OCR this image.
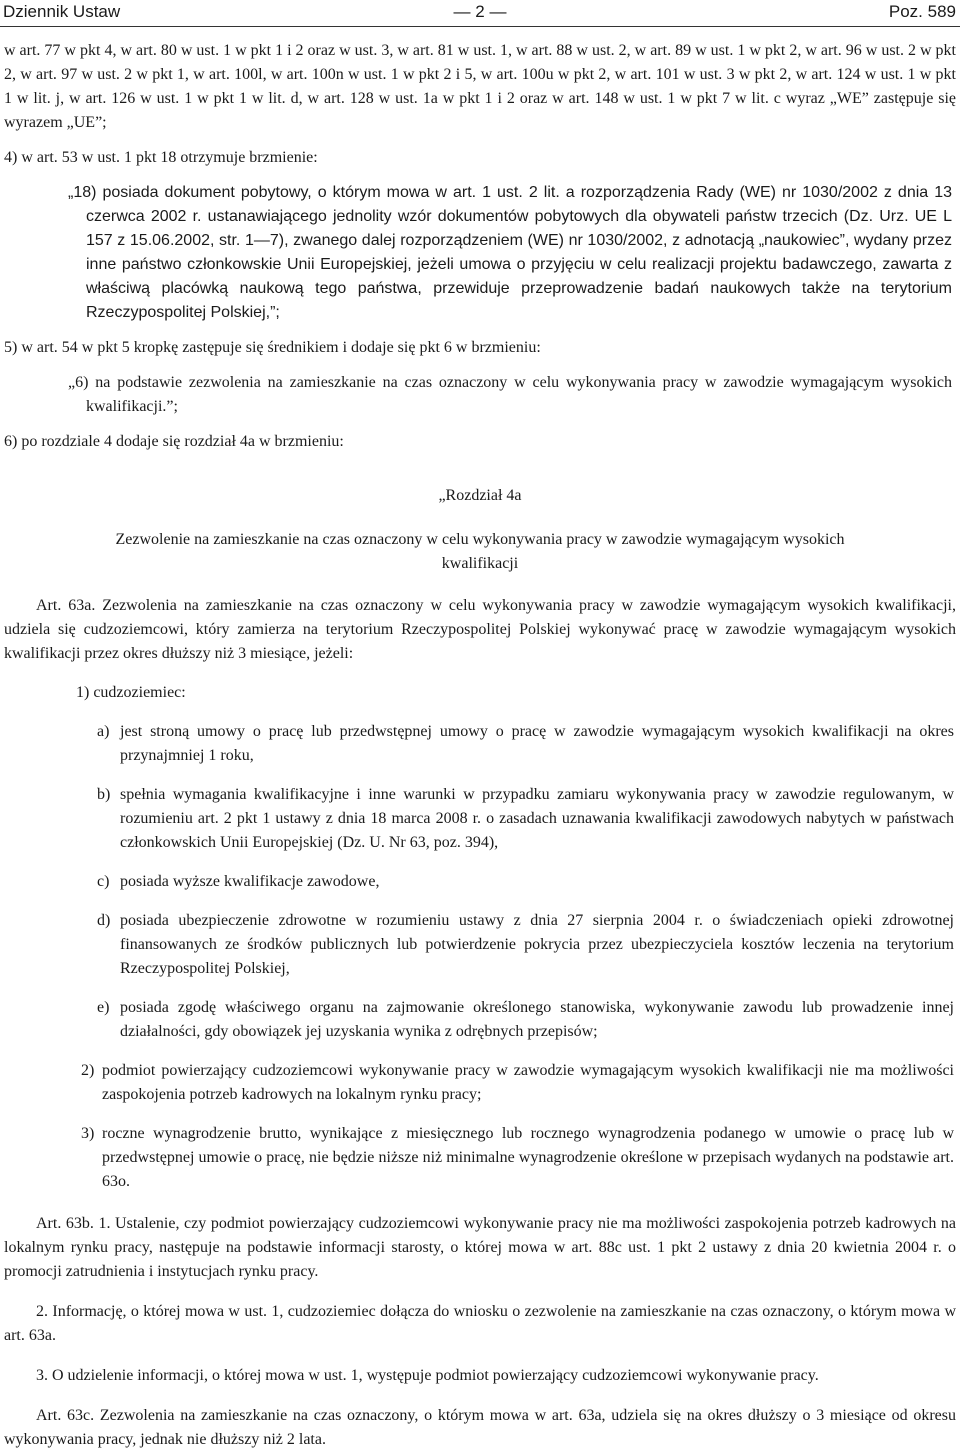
Dziennik Ustaw	— 2 —	Poz. 589

w art. 77 w pkt 4, w art. 80 w ust. 1 w pkt 1 i 2 oraz w ust. 3, w art. 81 w ust. 1, w art. 88 w ust. 2, w art. 89 w ust. 1 w pkt 2, w art. 96 w ust. 2 w pkt 2, w art. 97 w ust. 2 w pkt 1, w art. 100l, w art. 100n w ust. 1 w pkt 2 i 5, w art. 100u w pkt 2, w art. 101 w ust. 3 w pkt 2, w art. 124 w ust. 1 w pkt 1 w lit. j, w art. 126 w ust. 1 w pkt 1 w lit. d, w art. 128 w ust. 1a w pkt 1 i 2 oraz w art. 148 w ust. 1 w pkt 7 w lit. c wyraz „WE” zastępuje się wyrazem „UE”;

4) w art. 53 w ust. 1 pkt 18 otrzymuje brzmienie:

„18) posiada dokument pobytowy, o którym mowa w art. 1 ust. 2 lit. a rozporządzenia Rady (WE) nr 1030/2002 z dnia 13 czerwca 2002 r. ustanawiającego jednolity wzór dokumentów pobytowych dla obywateli państw trzecich (Dz. Urz. UE L 157 z 15.06.2002, str. 1—7), zwanego dalej rozporządzeniem (WE) nr 1030/2002, z adnotacją „naukowiec”, wydany przez inne państwo członkowskie Unii Europejskiej, jeżeli umowa o przyjęciu w celu realizacji projektu badawczego, zawarta z właściwą placówką naukową tego państwa, przewiduje przeprowadzenie badań naukowych także na terytorium Rzeczypospolitej Polskiej,”;

5) w art. 54 w pkt 5 kropkę zastępuje się średnikiem i dodaje się pkt 6 w brzmieniu:

„6) na podstawie zezwolenia na zamieszkanie na czas oznaczony w celu wykonywania pracy w zawodzie wymagającym wysokich kwalifikacji.”;

6) po rozdziale 4 dodaje się rozdział 4a w brzmieniu:

„Rozdział 4a

Zezwolenie na zamieszkanie na czas oznaczony w celu wykonywania pracy w zawodzie wymagającym wysokich kwalifikacji

Art. 63a. Zezwolenia na zamieszkanie na czas oznaczony w celu wykonywania pracy w zawodzie wymagającym wysokich kwalifikacji, udziela się cudzoziemcowi, który zamierza na terytorium Rzeczypospolitej Polskiej wykonywać pracę w zawodzie wymagającym wysokich kwalifikacji przez okres dłuższy niż 3 miesiące, jeżeli:

1) cudzoziemiec:

a) jest stroną umowy o pracę lub przedwstępnej umowy o pracę w zawodzie wymagającym wysokich kwalifikacji na okres przynajmniej 1 roku,

b) spełnia wymagania kwalifikacyjne i inne warunki w przypadku zamiaru wykonywania pracy w zawodzie regulowanym, w rozumieniu art. 2 pkt 1 ustawy z dnia 18 marca 2008 r. o zasadach uznawania kwalifikacji zawodowych nabytych w państwach członkowskich Unii Europejskiej (Dz. U. Nr 63, poz. 394),

c) posiada wyższe kwalifikacje zawodowe,

d) posiada ubezpieczenie zdrowotne w rozumieniu ustawy z dnia 27 sierpnia 2004 r. o świadczeniach opieki zdrowotnej finansowanych ze środków publicznych lub potwierdzenie pokrycia przez ubezpieczyciela kosztów leczenia na terytorium Rzeczypospolitej Polskiej,

e) posiada zgodę właściwego organu na zajmowanie określonego stanowiska, wykonywanie zawodu lub prowadzenie innej działalności, gdy obowiązek jej uzyskania wynika z odrębnych przepisów;

2) podmiot powierzający cudzoziemcowi wykonywanie pracy w zawodzie wymagającym wysokich kwalifikacji nie ma możliwości zaspokojenia potrzeb kadrowych na lokalnym rynku pracy;

3) roczne wynagrodzenie brutto, wynikające z miesięcznego lub rocznego wynagrodzenia podanego w umowie o pracę lub w przedwstępnej umowie o pracę, nie będzie niższe niż minimalne wynagrodzenie określone w przepisach wydanych na podstawie art. 63o.

Art. 63b. 1. Ustalenie, czy podmiot powierzający cudzoziemcowi wykonywanie pracy nie ma możliwości zaspokojenia potrzeb kadrowych na lokalnym rynku pracy, następuje na podstawie informacji starosty, o której mowa w art. 88c ust. 1 pkt 2 ustawy z dnia 20 kwietnia 2004 r. o promocji zatrudnienia i instytucjach rynku pracy.

2. Informację, o której mowa w ust. 1, cudzoziemiec dołącza do wniosku o zezwolenie na zamieszkanie na czas oznaczony, o którym mowa w art. 63a.

3. O udzielenie informacji, o której mowa w ust. 1, występuje podmiot powierzający cudzoziemcowi wykonywanie pracy.

Art. 63c. Zezwolenia na zamieszkanie na czas oznaczony, o którym mowa w art. 63a, udziela się na okres dłuższy o 3 miesiące od okresu wykonywania pracy, jednak nie dłuższy niż 2 lata.
